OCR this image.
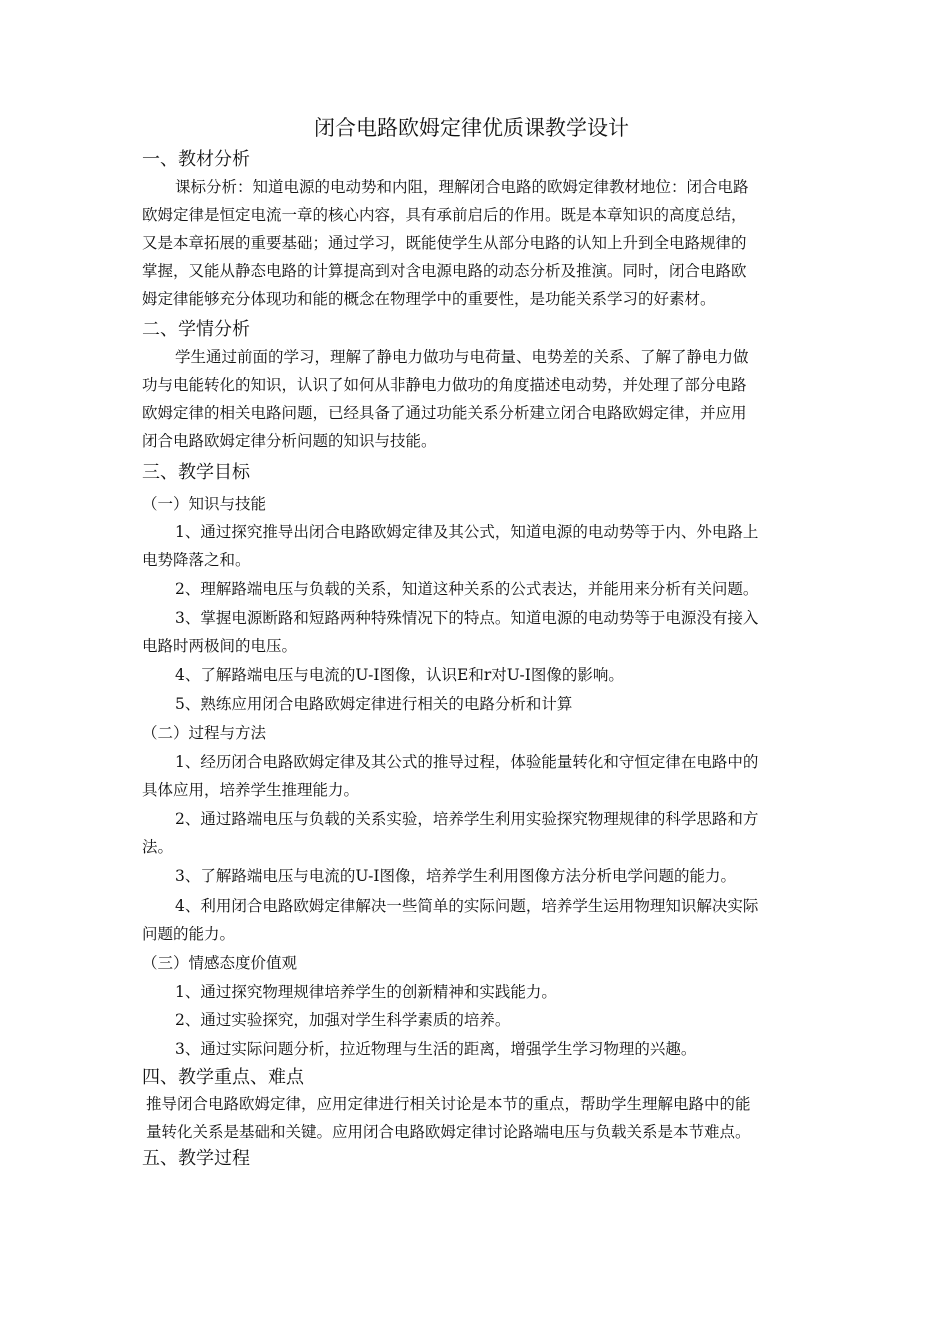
闭合电路欧姆定律优质课教学设计
一、教材分析
课标分析：知道电源的电动势和内阻，理解闭合电路的欧姆定律教材地位：闭合电路
欧姆定律是恒定电流一章的核心内容，具有承前启后的作用。既是本章知识的高度总结，
又是本章拓展的重要基础；通过学习，既能使学生从部分电路的认知上升到全电路规律的
掌握，又能从静态电路的计算提高到对含电源电路的动态分析及推演。同时，闭合电路欧
姆定律能够充分体现功和能的概念在物理学中的重要性，是功能关系学习的好素材。
二、学情分析
学生通过前面的学习，理解了静电力做功与电荷量、电势差的关系、了解了静电力做
功与电能转化的知识，认识了如何从非静电力做功的角度描述电动势，并处理了部分电路
欧姆定律的相关电路问题，已经具备了通过功能关系分析建立闭合电路欧姆定律，并应用
闭合电路欧姆定律分析问题的知识与技能。
三、教学目标
（一）知识与技能
1、通过探究推导出闭合电路欧姆定律及其公式，知道电源的电动势等于内、外电路上
电势降落之和。
2、理解路端电压与负载的关系，知道这种关系的公式表达，并能用来分析有关问题。
3、掌握电源断路和短路两种特殊情况下的特点。知道电源的电动势等于电源没有接入
电路时两极间的电压。
4、了解路端电压与电流的U-I图像，认识E和r对U-I图像的影响。
5、熟练应用闭合电路欧姆定律进行相关的电路分析和计算
（二）过程与方法
1、经历闭合电路欧姆定律及其公式的推导过程，体验能量转化和守恒定律在电路中的
具体应用，培养学生推理能力。
2、通过路端电压与负载的关系实验，培养学生利用实验探究物理规律的科学思路和方
法。
3、了解路端电压与电流的U-I图像，培养学生利用图像方法分析电学问题的能力。
4、利用闭合电路欧姆定律解决一些简单的实际问题，培养学生运用物理知识解决实际
问题的能力。
（三）情感态度价值观
1、通过探究物理规律培养学生的创新精神和实践能力。
2、通过实验探究，加强对学生科学素质的培养。
3、通过实际问题分析，拉近物理与生活的距离，增强学生学习物理的兴趣。
四、教学重点、难点
推导闭合电路欧姆定律，应用定律进行相关讨论是本节的重点，帮助学生理解电路中的能
量转化关系是基础和关键。应用闭合电路欧姆定律讨论路端电压与负载关系是本节难点。
五、教学过程
